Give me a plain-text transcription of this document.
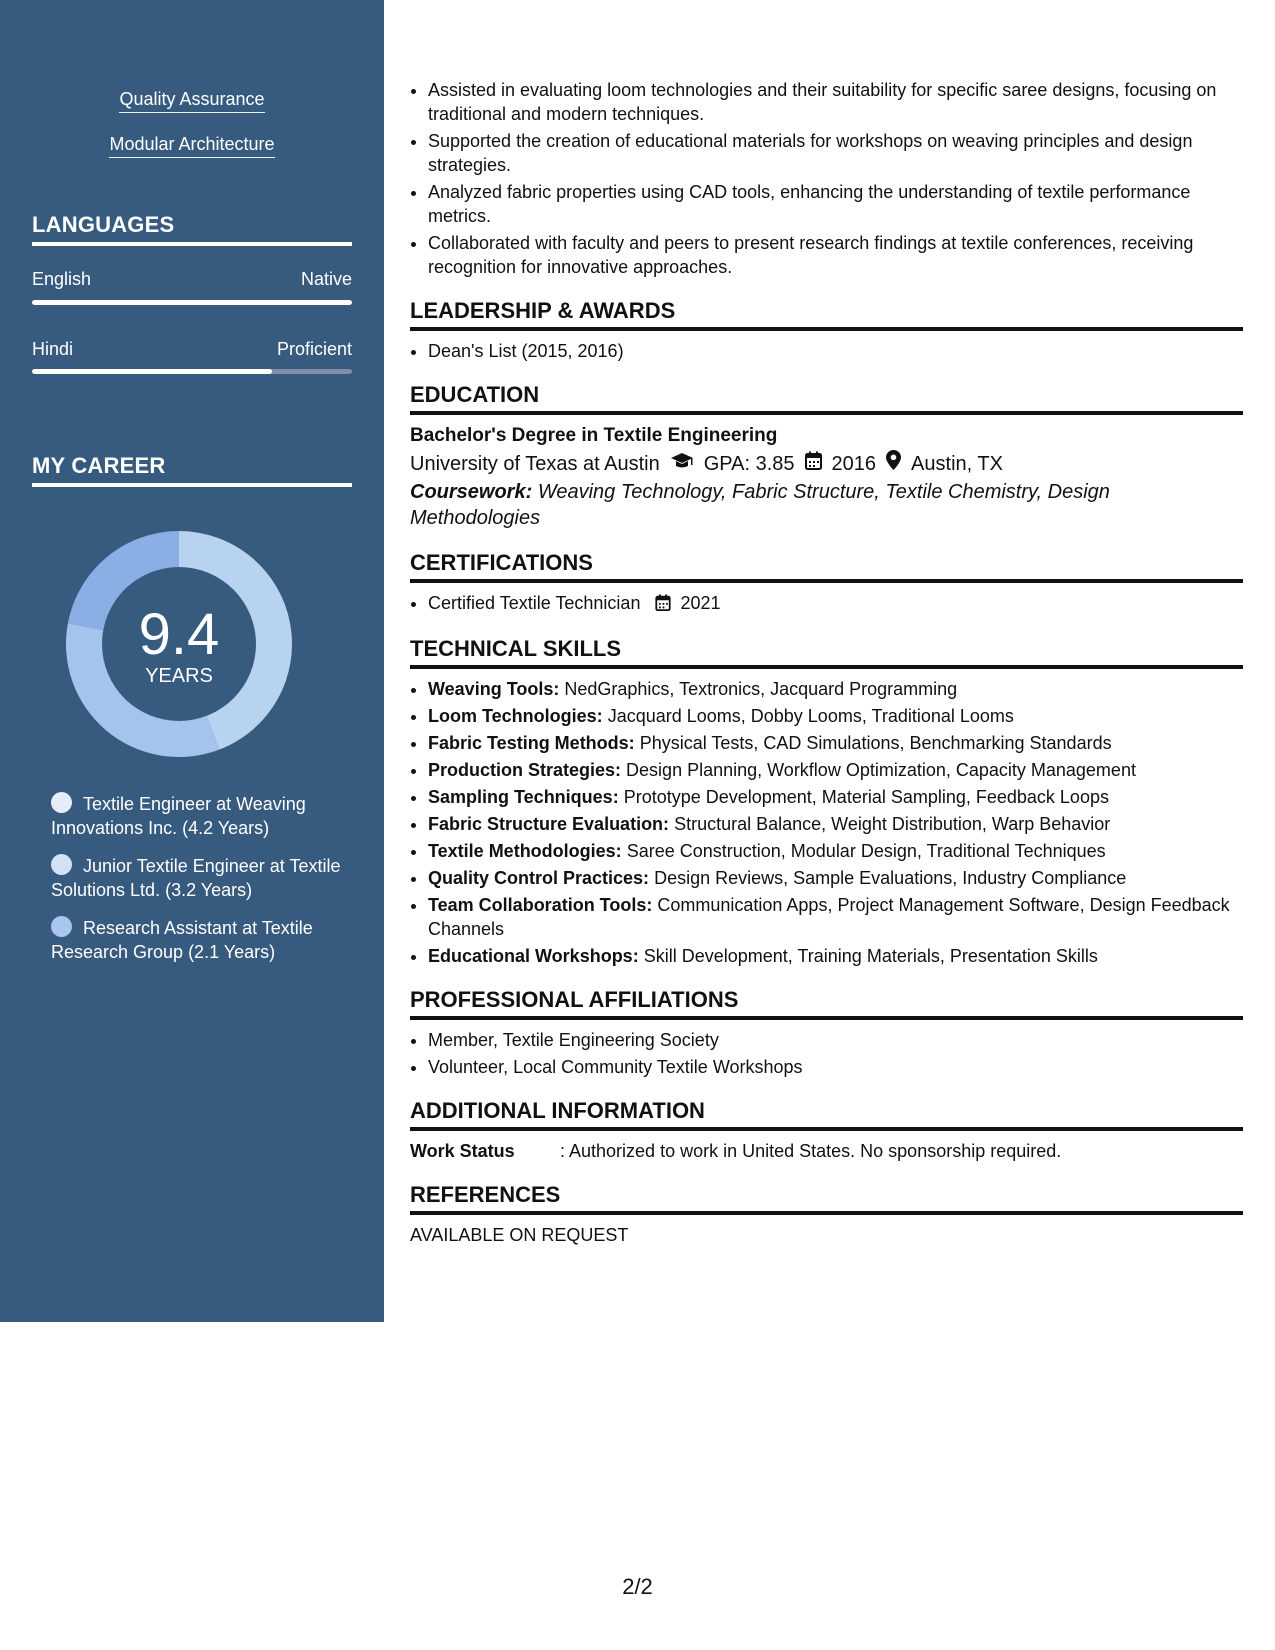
Quality Assurance
Modular Architecture
LANGUAGES
English	Native
Hindi	Proficient
MY CAREER
9.4
YEARS
Textile Engineer at Weaving Innovations Inc. (4.2 Years)
Junior Textile Engineer at Textile Solutions Ltd. (3.2 Years)
Research Assistant at Textile Research Group (2.1 Years)
• Assisted in evaluating loom technologies and their suitability for specific saree designs, focusing on traditional and modern techniques.
• Supported the creation of educational materials for workshops on weaving principles and design strategies.
• Analyzed fabric properties using CAD tools, enhancing the understanding of textile performance metrics.
• Collaborated with faculty and peers to present research findings at textile conferences, receiving recognition for innovative approaches.
LEADERSHIP & AWARDS
• Dean's List (2015, 2016)
EDUCATION
Bachelor's Degree in Textile Engineering
University of Texas at Austin GPA: 3.85 2016 Austin, TX
Coursework: Weaving Technology, Fabric Structure, Textile Chemistry, Design Methodologies
CERTIFICATIONS
• Certified Textile Technician 2021
TECHNICAL SKILLS
• Weaving Tools: NedGraphics, Textronics, Jacquard Programming
• Loom Technologies: Jacquard Looms, Dobby Looms, Traditional Looms
• Fabric Testing Methods: Physical Tests, CAD Simulations, Benchmarking Standards
• Production Strategies: Design Planning, Workflow Optimization, Capacity Management
• Sampling Techniques: Prototype Development, Material Sampling, Feedback Loops
• Fabric Structure Evaluation: Structural Balance, Weight Distribution, Warp Behavior
• Textile Methodologies: Saree Construction, Modular Design, Traditional Techniques
• Quality Control Practices: Design Reviews, Sample Evaluations, Industry Compliance
• Team Collaboration Tools: Communication Apps, Project Management Software, Design Feedback Channels
• Educational Workshops: Skill Development, Training Materials, Presentation Skills
PROFESSIONAL AFFILIATIONS
• Member, Textile Engineering Society
• Volunteer, Local Community Textile Workshops
ADDITIONAL INFORMATION
Work Status	: Authorized to work in United States. No sponsorship required.
REFERENCES
AVAILABLE ON REQUEST
2/2
